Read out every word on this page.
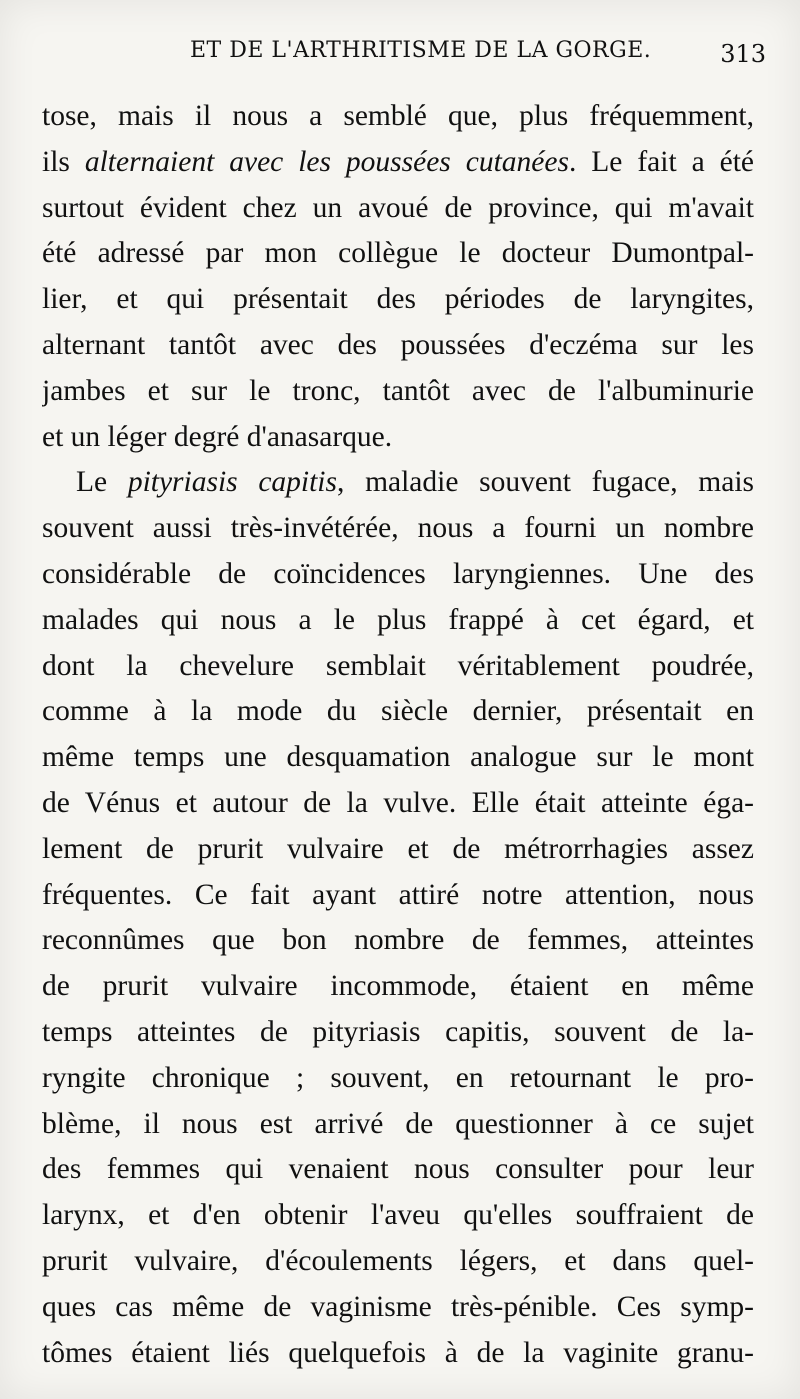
ET DE L'ARTHRITISME DE LA GORGE.	313
tose, mais il nous a semblé que, plus fréquemment,
ils alternaient avec les poussées cutanées. Le fait a été
surtout évident chez un avoué de province, qui m'avait
été adressé par mon collègue le docteur Dumontpal-
lier, et qui présentait des périodes de laryngites,
alternant tantôt avec des poussées d'eczéma sur les
jambes et sur le tronc, tantôt avec de l'albuminurie
et un léger degré d'anasarque.
Le pityriasis capitis, maladie souvent fugace, mais
souvent aussi très-invétérée, nous a fourni un nombre
considérable de coïncidences laryngiennes. Une des
malades qui nous a le plus frappé à cet égard, et
dont la chevelure semblait véritablement poudrée,
comme à la mode du siècle dernier, présentait en
même temps une desquamation analogue sur le mont
de Vénus et autour de la vulve. Elle était atteinte éga-
lement de prurit vulvaire et de métrorrhagies assez
fréquentes. Ce fait ayant attiré notre attention, nous
reconnûmes que bon nombre de femmes, atteintes
de prurit vulvaire incommode, étaient en même
temps atteintes de pityriasis capitis, souvent de la-
ryngite chronique ; souvent, en retournant le pro-
blème, il nous est arrivé de questionner à ce sujet
des femmes qui venaient nous consulter pour leur
larynx, et d'en obtenir l'aveu qu'elles souffraient de
prurit vulvaire, d'écoulements légers, et dans quel-
ques cas même de vaginisme très-pénible. Ces symp-
tômes étaient liés quelquefois à de la vaginite granu-
